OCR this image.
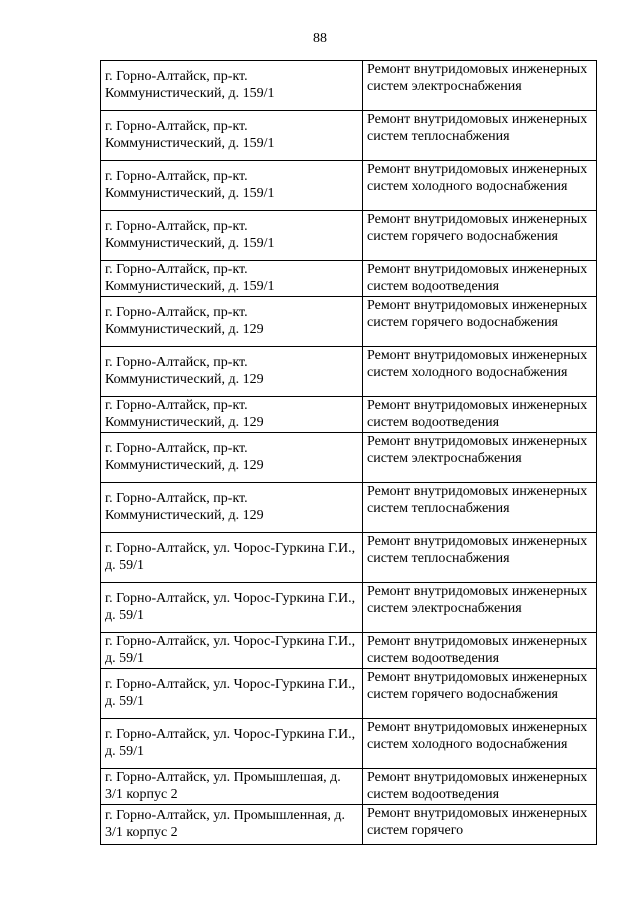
88
г. Горно-Алтайск, пр-кт. Коммунистический, д. 159/1	Ремонт внутридомовых инженерных систем электроснабжения

г. Горно-Алтайск, пр-кт. Коммунистический, д. 159/1	Ремонт внутридомовых инженерных систем теплоснабжения

г. Горно-Алтайск, пр-кт. Коммунистический, д. 159/1	Ремонт внутридомовых инженерных систем холодного водоснабжения

г. Горно-Алтайск, пр-кт. Коммунистический, д. 159/1	Ремонт внутридомовых инженерных систем горячего водоснабжения

г. Горно-Алтайск, пр-кт. Коммунистический, д. 159/1	Ремонт внутридомовых инженерных систем водоотведения

г. Горно-Алтайск, пр-кт. Коммунистический, д. 129	Ремонт внутридомовых инженерных систем горячего водоснабжения

г. Горно-Алтайск, пр-кт. Коммунистический, д. 129	Ремонт внутридомовых инженерных систем холодного водоснабжения

г. Горно-Алтайск, пр-кт. Коммунистический, д. 129	Ремонт внутридомовых инженерных систем водоотведения

г. Горно-Алтайск, пр-кт. Коммунистический, д. 129	Ремонт внутридомовых инженерных систем электроснабжения

г. Горно-Алтайск, пр-кт. Коммунистический, д. 129	Ремонт внутридомовых инженерных систем теплоснабжения

г. Горно-Алтайск, ул. Чорос-Гуркина Г.И., д. 59/1	Ремонт внутридомовых инженерных систем теплоснабжения

г. Горно-Алтайск, ул. Чорос-Гуркина Г.И., д. 59/1	Ремонт внутридомовых инженерных систем электроснабжения

г. Горно-Алтайск, ул. Чорос-Гуркина Г.И., д. 59/1	Ремонт внутридомовых инженерных систем водоотведения

г. Горно-Алтайск, ул. Чорос-Гуркина Г.И., д. 59/1	Ремонт внутридомовых инженерных систем горячего водоснабжения

г. Горно-Алтайск, ул. Чорос-Гуркина Г.И., д. 59/1	Ремонт внутридомовых инженерных систем холодного водоснабжения

г. Горно-Алтайск, ул. Промышлешая, д. 3/1 корпус 2	Ремонт внутридомовых инженерных систем водоотведения

г. Горно-Алтайск, ул. Промышленная, д. 3/1 корпус 2	Ремонт внутридомовых инженерных систем горячего
